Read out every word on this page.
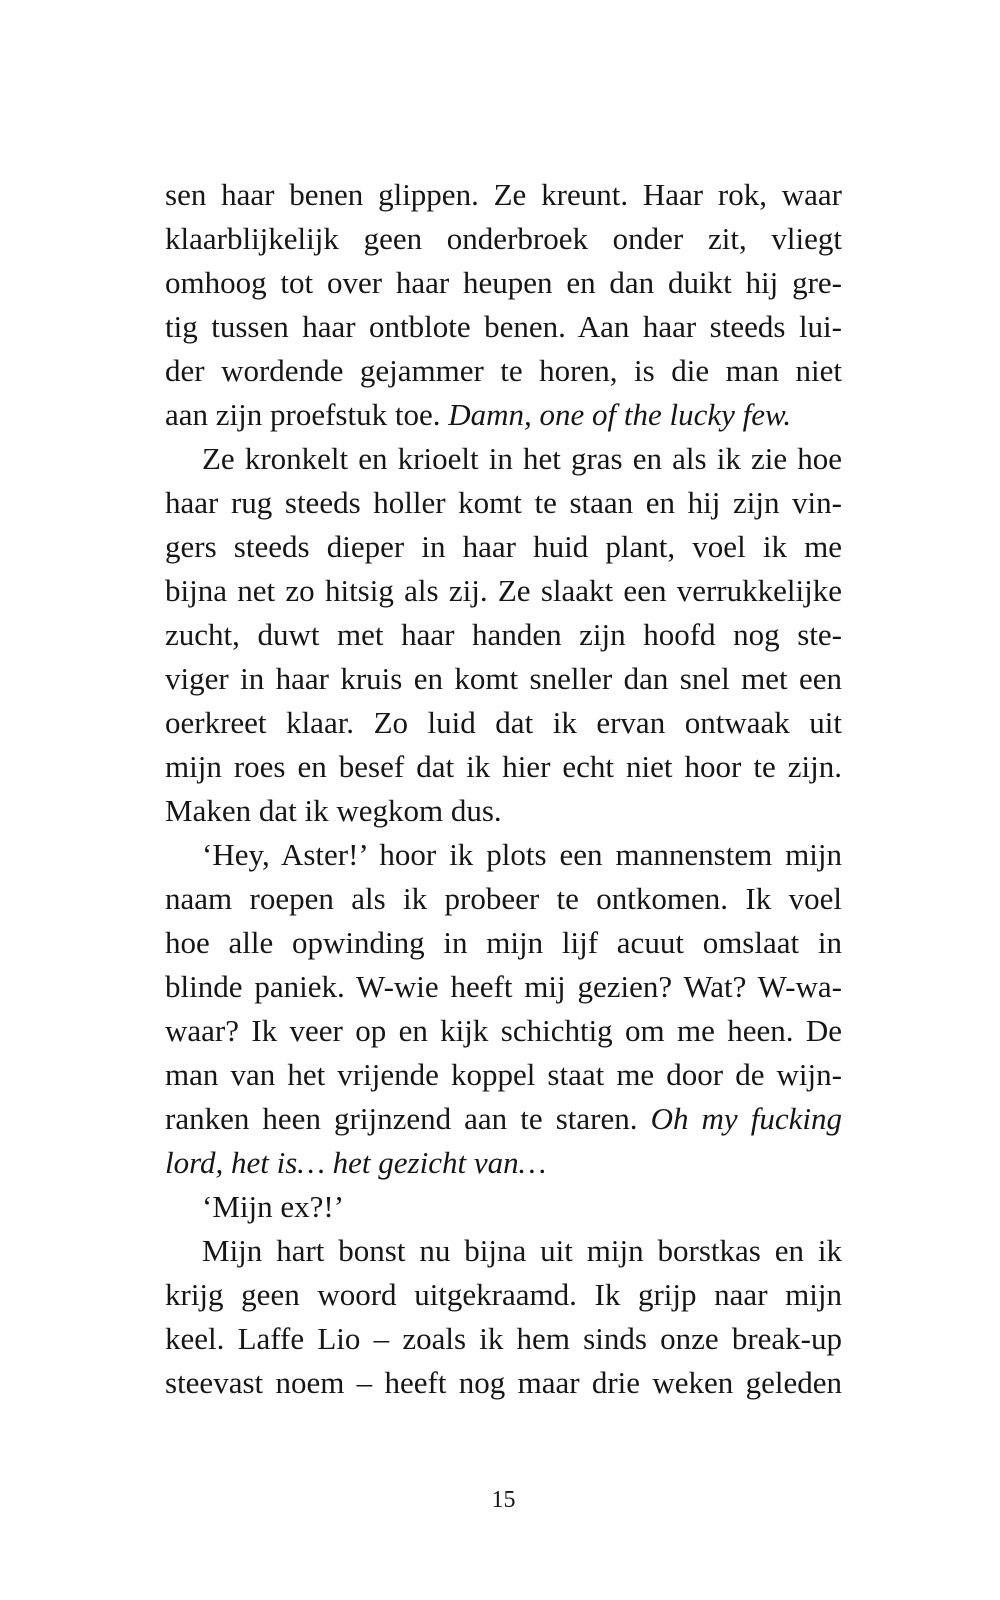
sen haar benen glippen. Ze kreunt. Haar rok, waar
klaarblijkelijk geen onderbroek onder zit, vliegt
omhoog tot over haar heupen en dan duikt hij gre-
tig tussen haar ontblote benen. Aan haar steeds lui-
der wordende gejammer te horen, is die man niet
aan zijn proefstuk toe. Damn, one of the lucky few.
Ze kronkelt en krioelt in het gras en als ik zie hoe
haar rug steeds holler komt te staan en hij zijn vin-
gers steeds dieper in haar huid plant, voel ik me
bijna net zo hitsig als zij. Ze slaakt een verrukkelijke
zucht, duwt met haar handen zijn hoofd nog ste-
viger in haar kruis en komt sneller dan snel met een
oerkreet klaar. Zo luid dat ik ervan ontwaak uit
mijn roes en besef dat ik hier echt niet hoor te zijn.
Maken dat ik wegkom dus.
‘Hey, Aster!’ hoor ik plots een mannenstem mijn
naam roepen als ik probeer te ontkomen. Ik voel
hoe alle opwinding in mijn lijf acuut omslaat in
blinde paniek. W-wie heeft mij gezien? Wat? W-wa-
waar? Ik veer op en kijk schichtig om me heen. De
man van het vrijende koppel staat me door de wijn-
ranken heen grijnzend aan te staren. Oh my fucking
lord, het is… het gezicht van…
‘Mijn ex?!’
Mijn hart bonst nu bijna uit mijn borstkas en ik
krijg geen woord uitgekraamd. Ik grijp naar mijn
keel. Laffe Lio – zoals ik hem sinds onze break-up
steevast noem – heeft nog maar drie weken geleden
15
